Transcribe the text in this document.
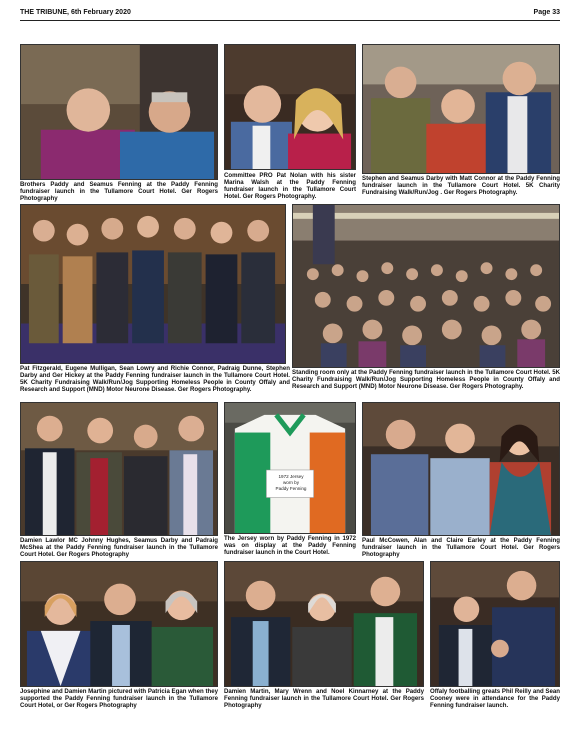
THE TRIBUNE, 6th February 2020	Page 33
Brothers Paddy and Seamus Fenning at the Paddy Fenning fundraiser launch in the Tullamore Court Hotel. Ger Rogers Photography
Committee PRO Pat Nolan with his sister Marina Walsh at the Paddy Fenning fundraiser launch in the Tullamore Court Hotel. Ger Rogers Photography.
Stephen and Seamus Darby with Matt Connor at the Paddy Fenning fundraiser launch in the Tullamore Court Hotel. 5K Charity Fundraising Walk/Run/Jog . Ger Rogers Photography.
Pat Fitzgerald, Eugene Mulligan, Sean Lowry and Richie Connor, Padraig Dunne, Stephen Darby and Ger Hickey at the Paddy Fenning fundraiser launch in the Tullamore Court Hotel. 5K Charity Fundraising Walk/Run/Jog Supporting Homeless People in County Offaly and Research and Support (MND) Motor Neurone Disease. Ger Rogers Photography.
Standing room only at the Paddy Fenning fundraiser launch in the Tullamore Court Hotel. 5K Charity Fundraising Walk/Run/Jog Supporting Homeless People in County Offaly and Research and Support (MND) Motor Neurone Disease. Ger Rogers Photography.
Damien Lawlor MC Johnny Hughes, Seamus Darby and Padraig McShea at the Paddy Fenning fundraiser launch in the Tullamore Court Hotel. Ger Rogers Photography
1972 Jersey
worn by
Paddy Fenning
The Jersey worn by Paddy Fenning in 1972 was on display at the Paddy Fenning fundraiser launch in the Court Hotel.
Paul McCowen, Alan and Claire Earley at the Paddy Fenning fundraiser launch in the Tullamore Court Hotel. Ger Rogers Photography
Josephine and Damien Martin pictured with Patricia Egan when they supported the Paddy Fenning fundraiser launch in the Tullamore Court Hotel, or Ger Rogers Photography
Damien Martin, Mary Wrenn and Noel Kinnarney at the Paddy Fenning fundraiser launch in the Tullamore Court Hotel. Ger Rogers Photography
Offaly footballing greats Phil Reilly and Sean Cooney were in attendance for the Paddy Fenning fundraiser launch.
